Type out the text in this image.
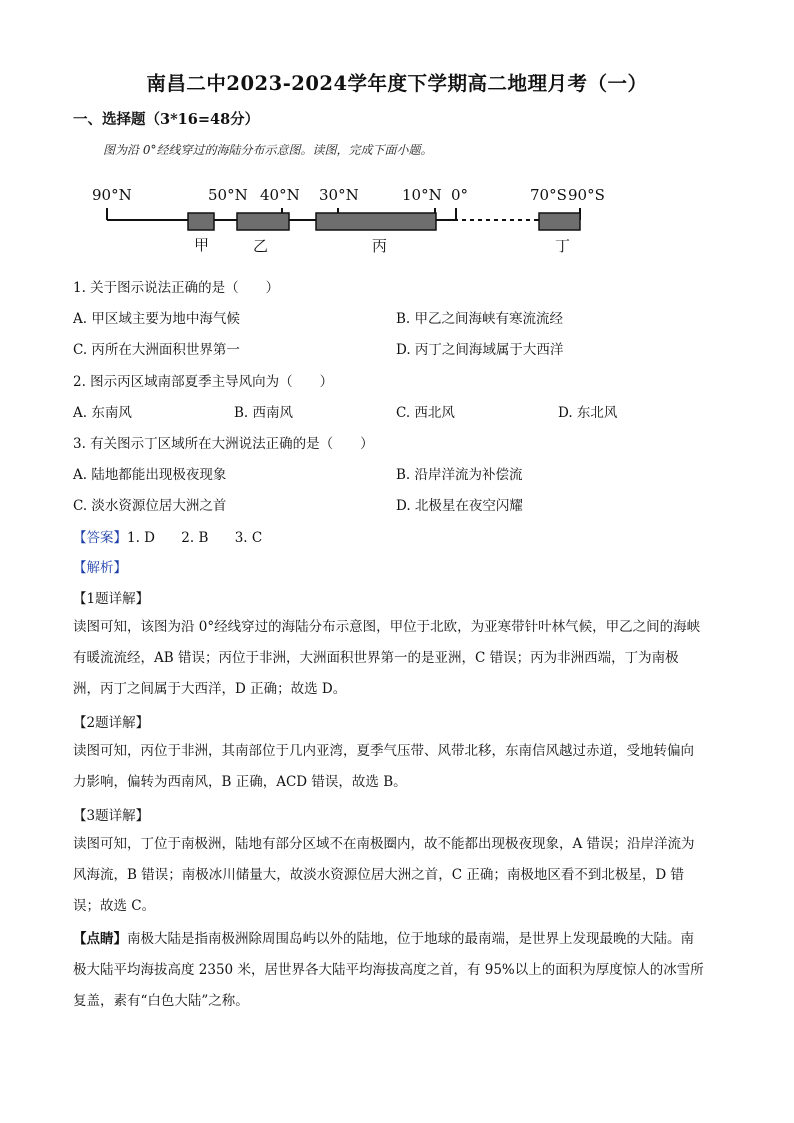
南昌二中2023-2024学年度下学期高二地理月考（一）
一、选择题（3*16=48分）
图为沿 0°经线穿过的海陆分布示意图。读图，完成下面小题。
90°N	50°N 40°N 30°N	10°N 0°	70°S 90°S
甲	乙	丙	丁
1. 关于图示说法正确的是（　　）
A. 甲区域主要为地中海气候	B. 甲乙之间海峡有寒流流经
C. 丙所在大洲面积世界第一	D. 丙丁之间海域属于大西洋
2. 图示丙区域南部夏季主导风向为（　　）
A. 东南风	B. 西南风	C. 西北风	D. 东北风
3. 有关图示丁区域所在大洲说法正确的是（　　）
A. 陆地都能出现极夜现象	B. 沿岸洋流为补偿流
C. 淡水资源位居大洲之首	D. 北极星在夜空闪耀
【答案】1. D 2. B 3. C
【解析】
【1题详解】
读图可知，该图为沿 0°经线穿过的海陆分布示意图，甲位于北欧，为亚寒带针叶林气候，甲乙之间的海峡
有暖流流经，AB 错误；丙位于非洲，大洲面积世界第一的是亚洲，C 错误；丙为非洲西端，丁为南极
洲，丙丁之间属于大西洋，D 正确；故选 D。
【2题详解】
读图可知，丙位于非洲，其南部位于几内亚湾，夏季气压带、风带北移，东南信风越过赤道，受地转偏向
力影响，偏转为西南风，B 正确，ACD 错误，故选 B。
【3题详解】
读图可知，丁位于南极洲，陆地有部分区域不在南极圈内，故不能都出现极夜现象，A 错误；沿岸洋流为
风海流，B 错误；南极冰川储量大，故淡水资源位居大洲之首，C 正确；南极地区看不到北极星，D 错
误；故选 C。
【点睛】南极大陆是指南极洲除周围岛屿以外的陆地，位于地球的最南端，是世界上发现最晚的大陆。南
极大陆平均海拔高度 2350 米，居世界各大陆平均海拔高度之首，有 95%以上的面积为厚度惊人的冰雪所
复盖，素有“白色大陆”之称。
